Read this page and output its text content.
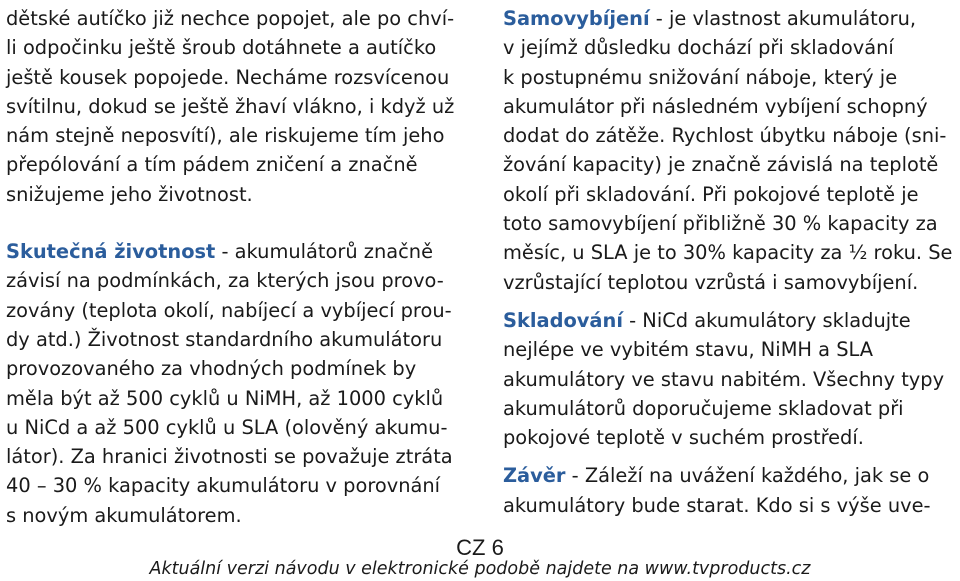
dětské autíčko již nechce popojet, ale po chví-
li odpočinku ještě šroub dotáhnete a autíčko
ještě kousek popojede. Necháme rozsvícenou
svítilnu, dokud se ještě žhaví vlákno, i když už
nám stejně neposvítí), ale riskujeme tím jeho
přepólování a tím pádem zničení a značně
snižujeme jeho životnost.
Skutečná životnost - akumulátorů značně
závisí na podmínkách, za kterých jsou provo-
zovány (teplota okolí, nabíjecí a vybíjecí prou-
dy atd.) Životnost standardního akumulátoru
provozovaného za vhodných podmínek by
měla být až 500 cyklů u NiMH, až 1000 cyklů
u NiCd a až 500 cyklů u SLA (olověný akumu-
látor). Za hranici životnosti se považuje ztráta
40 – 30 % kapacity akumulátoru v porovnání
s novým akumulátorem.
Samovybíjení - je vlastnost akumulátoru,
v jejímž důsledku dochází při skladování
k postupnému snižování náboje, který je
akumulátor při následném vybíjení schopný
dodat do zátěže. Rychlost úbytku náboje (sni-
žování kapacity) je značně závislá na teplotě
okolí při skladování. Při pokojové teplotě je
toto samovybíjení přibližně 30 % kapacity za
měsíc, u SLA je to 30% kapacity za ½ roku. Se
vzrůstající teplotou vzrůstá i samovybíjení.
Skladování - NiCd akumulátory skladujte
nejlépe ve vybitém stavu, NiMH a SLA
akumulátory ve stavu nabitém. Všechny typy
akumulátorů doporučujeme skladovat při
pokojové teplotě v suchém prostředí.
Závěr - Záleží na uvážení každého, jak se o
akumulátory bude starat. Kdo si s výše uve-
CZ 6
Aktuální verzi návodu v elektronické podobě najdete na www.tvproducts.cz
